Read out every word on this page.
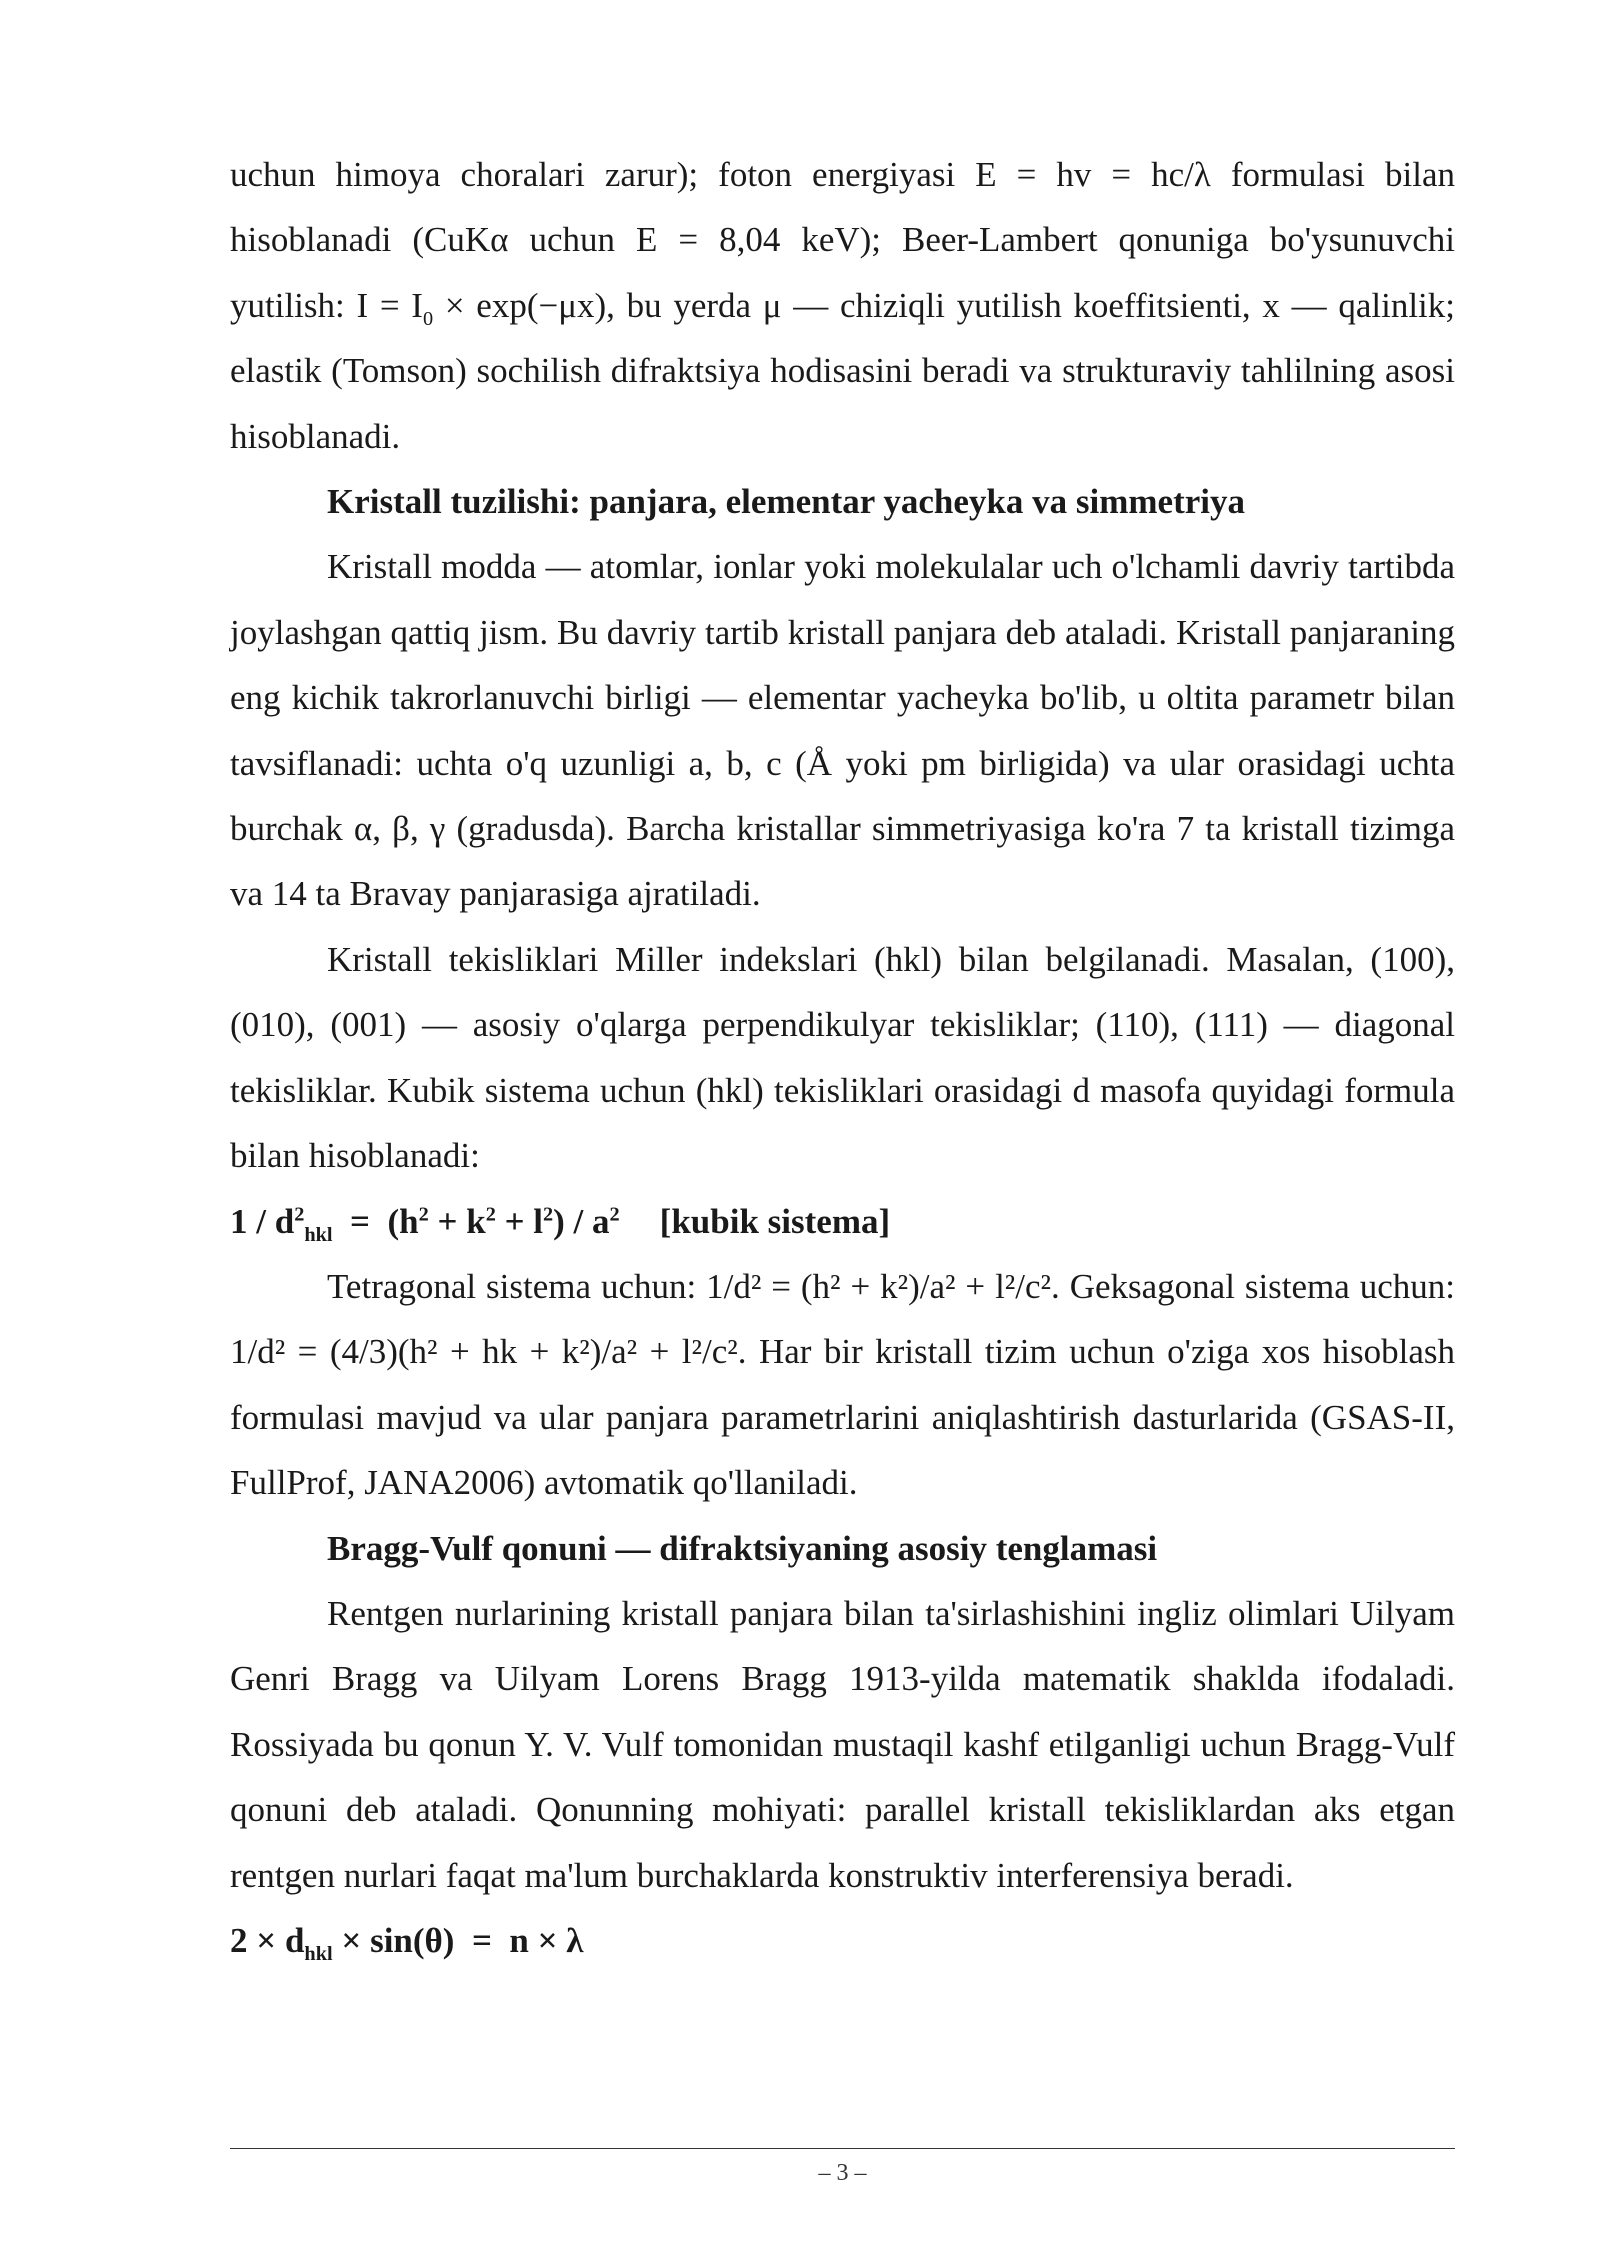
uchun himoya choralari zarur); foton energiyasi E = hv = hc/λ formulasi bilan hisoblanadi (CuKα uchun E = 8,04 keV); Beer-Lambert qonuniga bo'ysunuvchi yutilish: $I = I_0 \times \exp(-\mu x)$, bu yerda μ — chiziqli yutilish koeffitsienti, x — qalinlik; elastik (Tomson) sochilish difraktsiya hodisasini beradi va strukturaviy tahlilning asosi hisoblanadi.

Kristall tuzilishi: panjara, elementar yacheyka va simmetriya

Kristall modda — atomlar, ionlar yoki molekulalar uch o'lchamli davriy tartibda joylashgan qattiq jism. Bu davriy tartib kristall panjara deb ataladi. Kristall panjaraning eng kichik takrorlanuvchi birligi — elementar yacheyka bo'lib, u oltita parametr bilan tavsiflanadi: uchta o'q uzunligi a, b, c (Å yoki pm birligida) va ular orasidagi uchta burchak α, β, γ (gradusda). Barcha kristallar simmetriyasiga ko'ra 7 ta kristall tizimga va 14 ta Bravay panjarasiga ajratiladi.

Kristall tekisliklari Miller indekslari (hkl) bilan belgilanadi. Masalan, (100), (010), (001) — asosiy o'qlarga perpendikulyar tekisliklar; (110), (111) — diagonal tekisliklar. Kubik sistema uchun (hkl) tekisliklari orasidagi d masofa quyidagi formula bilan hisoblanadi:

$1 / d^2_{hkl} = (h^2 + k^2 + l^2) / a^2$ [kubik sistema]

Tetragonal sistema uchun: 1/d² = (h² + k²)/a² + l²/c². Geksagonal sistema uchun: 1/d² = (4/3)(h² + hk + k²)/a² + l²/c². Har bir kristall tizim uchun o'ziga xos hisoblash formulasi mavjud va ular panjara parametrlarini aniqlashtirish dasturlarida (GSAS-II, FullProf, JANA2006) avtomatik qo'llaniladi.

Bragg-Vulf qonuni — difraktsiyaning asosiy tenglamasi

Rentgen nurlarining kristall panjara bilan ta'sirlashishini ingliz olimlari Uilyam Genri Bragg va Uilyam Lorens Bragg 1913-yilda matematik shaklda ifodaladi. Rossiyada bu qonun Y. V. Vulf tomonidan mustaqil kashf etilganligi uchun Bragg-Vulf qonuni deb ataladi. Qonunning mohiyati: parallel kristall tekisliklardan aks etgan rentgen nurlari faqat ma'lum burchaklarda konstruktiv interferensiya beradi.

$2 \times d_{hkl} \times \sin(\theta) = n \times \lambda$

– 3 –
